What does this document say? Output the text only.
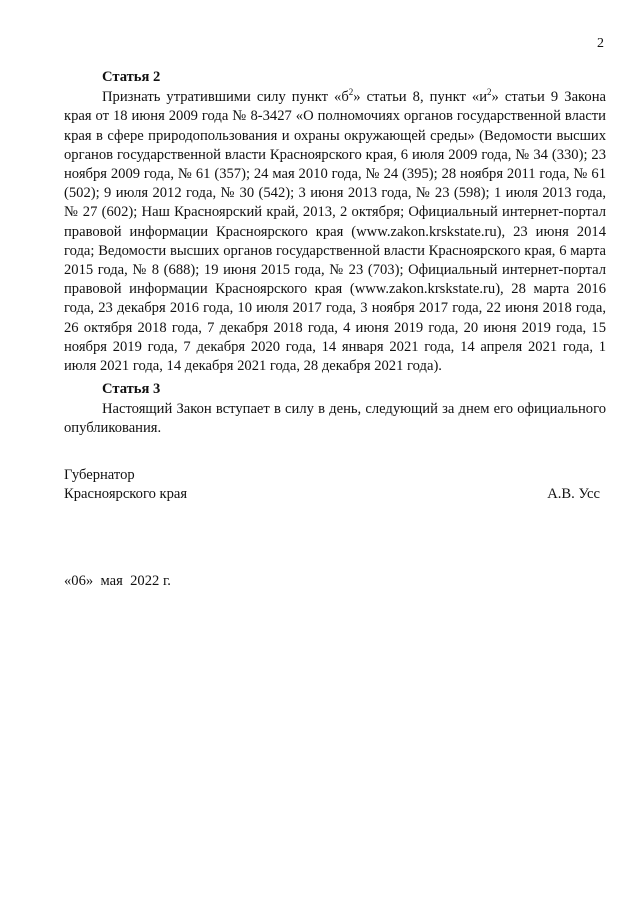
2
Статья 2

Признать утратившими силу пункт «$б^2$» статьи 8, пункт «$и^2$» статьи 9 Закона края от 18 июня 2009 года № 8-3427 «О полномочиях органов государственной власти края в сфере природопользования и охраны окружающей среды» (Ведомости высших органов государственной власти Красноярского края, 6 июля 2009 года, № 34 (330); 23 ноября 2009 года, № 61 (357); 24 мая 2010 года, № 24 (395); 28 ноября 2011 года, № 61 (502); 9 июля 2012 года, № 30 (542); 3 июня 2013 года, № 23 (598); 1 июля 2013 года, № 27 (602); Наш Красноярский край, 2013, 2 октября; Официальный интернет-портал правовой информации Красноярского края (www.zakon.krskstate.ru), 23 июня 2014 года; Ведомости высших органов государственной власти Красноярского края, 6 марта 2015 года, № 8 (688); 19 июня 2015 года, № 23 (703); Официальный интернет-портал правовой информации Красноярского края (www.zakon.krskstate.ru), 28 марта 2016 года, 23 декабря 2016 года, 10 июля 2017 года, 3 ноября 2017 года, 22 июня 2018 года, 26 октября 2018 года, 7 декабря 2018 года, 4 июня 2019 года, 20 июня 2019 года, 15 ноября 2019 года, 7 декабря 2020 года, 14 января 2021 года, 14 апреля 2021 года, 1 июля 2021 года, 14 декабря 2021 года, 28 декабря 2021 года).

Статья 3

Настоящий Закон вступает в силу в день, следующий за днем его официального опубликования.

Губернатор
Красноярского края	А.В. Усс
«06»  мая  2022 г.
